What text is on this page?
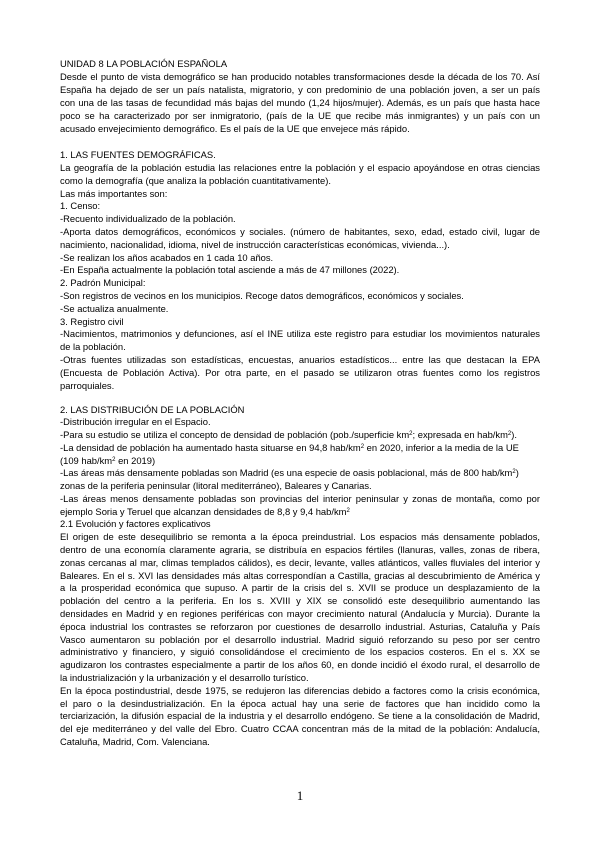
UNIDAD 8 LA POBLACIÓN ESPAÑOLA
Desde el punto de vista demográfico se han producido notables transformaciones desde la década de los 70. Así
España ha dejado de ser un país natalista, migratorio, y con predominio de una población joven, a ser un país
con una de las tasas de fecundidad más bajas del mundo (1,24 hijos/mujer). Además, es un país que hasta hace
poco se ha caracterizado por ser inmigratorio, (país de la UE que recibe más inmigrantes) y un país con un
acusado envejecimiento demográfico. Es el país de la UE que envejece más rápido.
1. LAS FUENTES DEMOGRÁFICAS.
La geografía de la población estudia las relaciones entre la población y el espacio apoyándose en otras ciencias
como la demografía (que analiza la población cuantitativamente).
Las más importantes son:
1. Censo:
-Recuento individualizado de la población.
-Aporta datos demográficos, económicos y sociales. (número de habitantes, sexo, edad, estado civil, lugar de
nacimiento, nacionalidad, idioma, nivel de instrucción características económicas, vivienda...).
-Se realizan los años acabados en 1 cada 10 años.
-En España actualmente la población total asciende a más de 47 millones (2022).
2. Padrón Municipal:
-Son registros de vecinos en los municipios. Recoge datos demográficos, económicos y sociales.
-Se actualiza anualmente.
3. Registro civil
-Nacimientos, matrimonios y defunciones, así el INE utiliza este registro para estudiar los movimientos naturales
de la población.
-Otras fuentes utilizadas son estadísticas, encuestas, anuarios estadísticos... entre las que destacan la EPA
(Encuesta de Población Activa). Por otra parte, en el pasado se utilizaron otras fuentes como los registros
parroquiales.
2. LAS DISTRIBUCIÓN DE LA POBLACIÓN
-Distribución irregular en el Espacio.
-Para su estudio se utiliza el concepto de densidad de población (pob./superficie $km^2$; expresada en hab/$km^2$).
-La densidad de población ha aumentado hasta situarse en 94,8 hab/$km^2$ en 2020, inferior a la media de la UE
(109 hab/$km^2$ en 2019)
-Las áreas más densamente pobladas son Madrid (es una especie de oasis poblacional, más de 800 hab/$km^2$)
zonas de la periferia peninsular (litoral mediterráneo), Baleares y Canarias.
-Las áreas menos densamente pobladas son provincias del interior peninsular y zonas de montaña, como por
ejemplo Soria y Teruel que alcanzan densidades de 8,8 y 9,4 hab/$km^2$
2.1 Evolución y factores explicativos
El origen de este desequilibrio se remonta a la época preindustrial. Los espacios más densamente poblados,
dentro de una economía claramente agraria, se distribuía en espacios fértiles (llanuras, valles, zonas de ribera,
zonas cercanas al mar, climas templados cálidos), es decir, levante, valles atlánticos, valles fluviales del interior y
Baleares. En el s. XVI las densidades más altas correspondían a Castilla, gracias al descubrimiento de América y
a la prosperidad económica que supuso. A partir de la crisis del s. XVII se produce un desplazamiento de la
población del centro a la periferia. En los s. XVIII y XIX se consolidó este desequilibrio aumentando las
densidades en Madrid y en regiones periféricas con mayor crecimiento natural (Andalucía y Murcia). Durante la
época industrial los contrastes se reforzaron por cuestiones de desarrollo industrial. Asturias, Cataluña y País
Vasco aumentaron su población por el desarrollo industrial. Madrid siguió reforzando su peso por ser centro
administrativo y financiero, y siguió consolidándose el crecimiento de los espacios costeros. En el s. XX se
agudizaron los contrastes especialmente a partir de los años 60, en donde incidió el éxodo rural, el desarrollo de
la industrialización y la urbanización y el desarrollo turístico.
En la época postindustrial, desde 1975, se redujeron las diferencias debido a factores como la crisis económica,
el paro o la desindustrialización. En la época actual hay una serie de factores que han incidido como la
terciarización, la difusión espacial de la industria y el desarrollo endógeno. Se tiene a la consolidación de Madrid,
del eje mediterráneo y del valle del Ebro. Cuatro CCAA concentran más de la mitad de la población: Andalucía,
Cataluña, Madrid, Com. Valenciana.
1
